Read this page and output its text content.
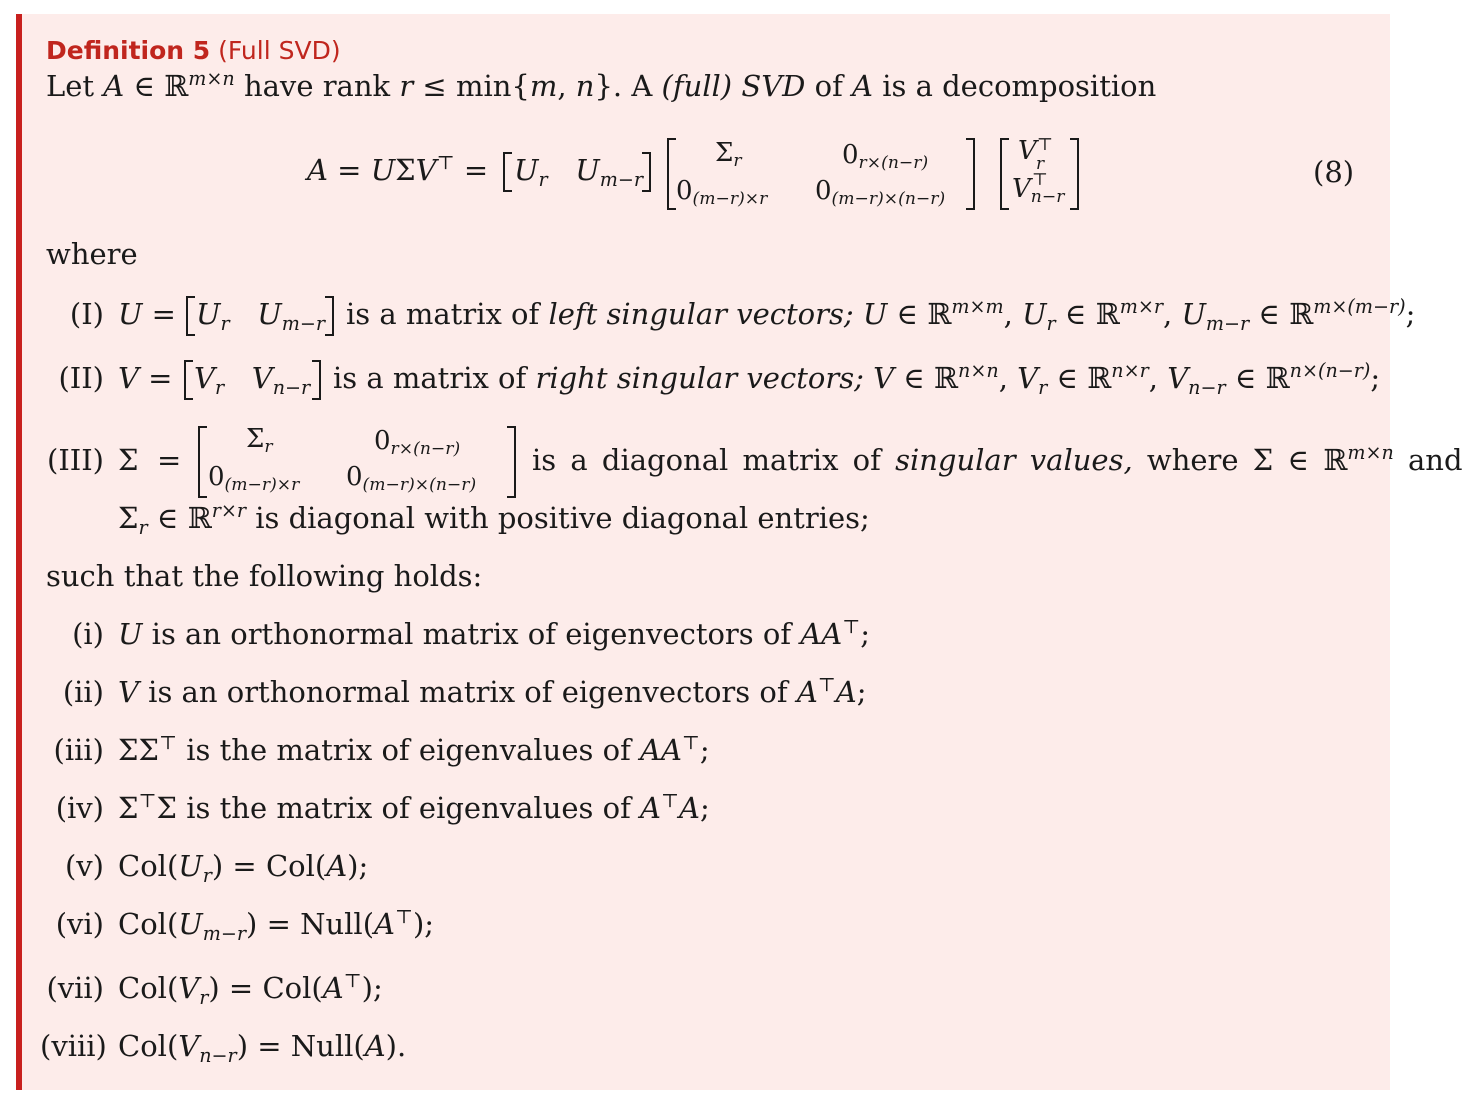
Definition 5 (Full SVD)
Let A ∈ ℝ$^{m\times n}$ have rank r ≤ min{m, n}. A (full) SVD of A is a decomposition
$A = U\Sigma V^⊤ = U_r$ $U_{m-r}$
$\Sigma_r$	$0_{r\times(n-r)}$
$0_{(m-r)\times r}$ $0_{(m-r)\times(n-r)}$
V⊤
r
V ⊤
$_{n-r}$
(8)
where
(I) $U = U_r$ $U_{m-r}$ is a matrix of left singular vectors; U ∈ ℝ$^{m\times m}$, $U_r$ ∈ ℝ$^{m\times r}$, $U_{m-r}$ ∈ ℝ$^{m\times(m-r)}$;
(II) $V = V_r$ $V_{n-r}$ is a matrix of right singular vectors; V ∈ ℝ$^{n\times n}$, $V_r$ ∈ ℝ$^{n\times r}$, $V_{n-r}$ ∈ ℝ$^{n\times(n-r)}$;
(III) Σ  =
$\Sigma_r$	$0_{r\times(n-r)}$
$0_{(m-r)\times r}$ $0_{(m-r)\times(n-r)}$
is a diagonal matrix of singular values, where Σ ∈ ℝ$^{m\times n}$ and
$\Sigma_r$ ∈ ℝ$^{r\times r}$ is diagonal with positive diagonal entries;
such that the following holds:
(i) U is an orthonormal matrix of eigenvectors of AA⊤;
(ii) V is an orthonormal matrix of eigenvectors of A⊤A;
(iii) ΣΣ⊤ is the matrix of eigenvalues of AA⊤;
(iv) Σ⊤Σ is the matrix of eigenvalues of A⊤A;
(v) $Col(U_r) = Col(A)$;
(vi) $Col(U_{m-r})$ = Null(A⊤);
(vii) $Col(V_r) = Col(A^⊤)$;
(viii) $Col(V_{n-r})$ = Null(A).
